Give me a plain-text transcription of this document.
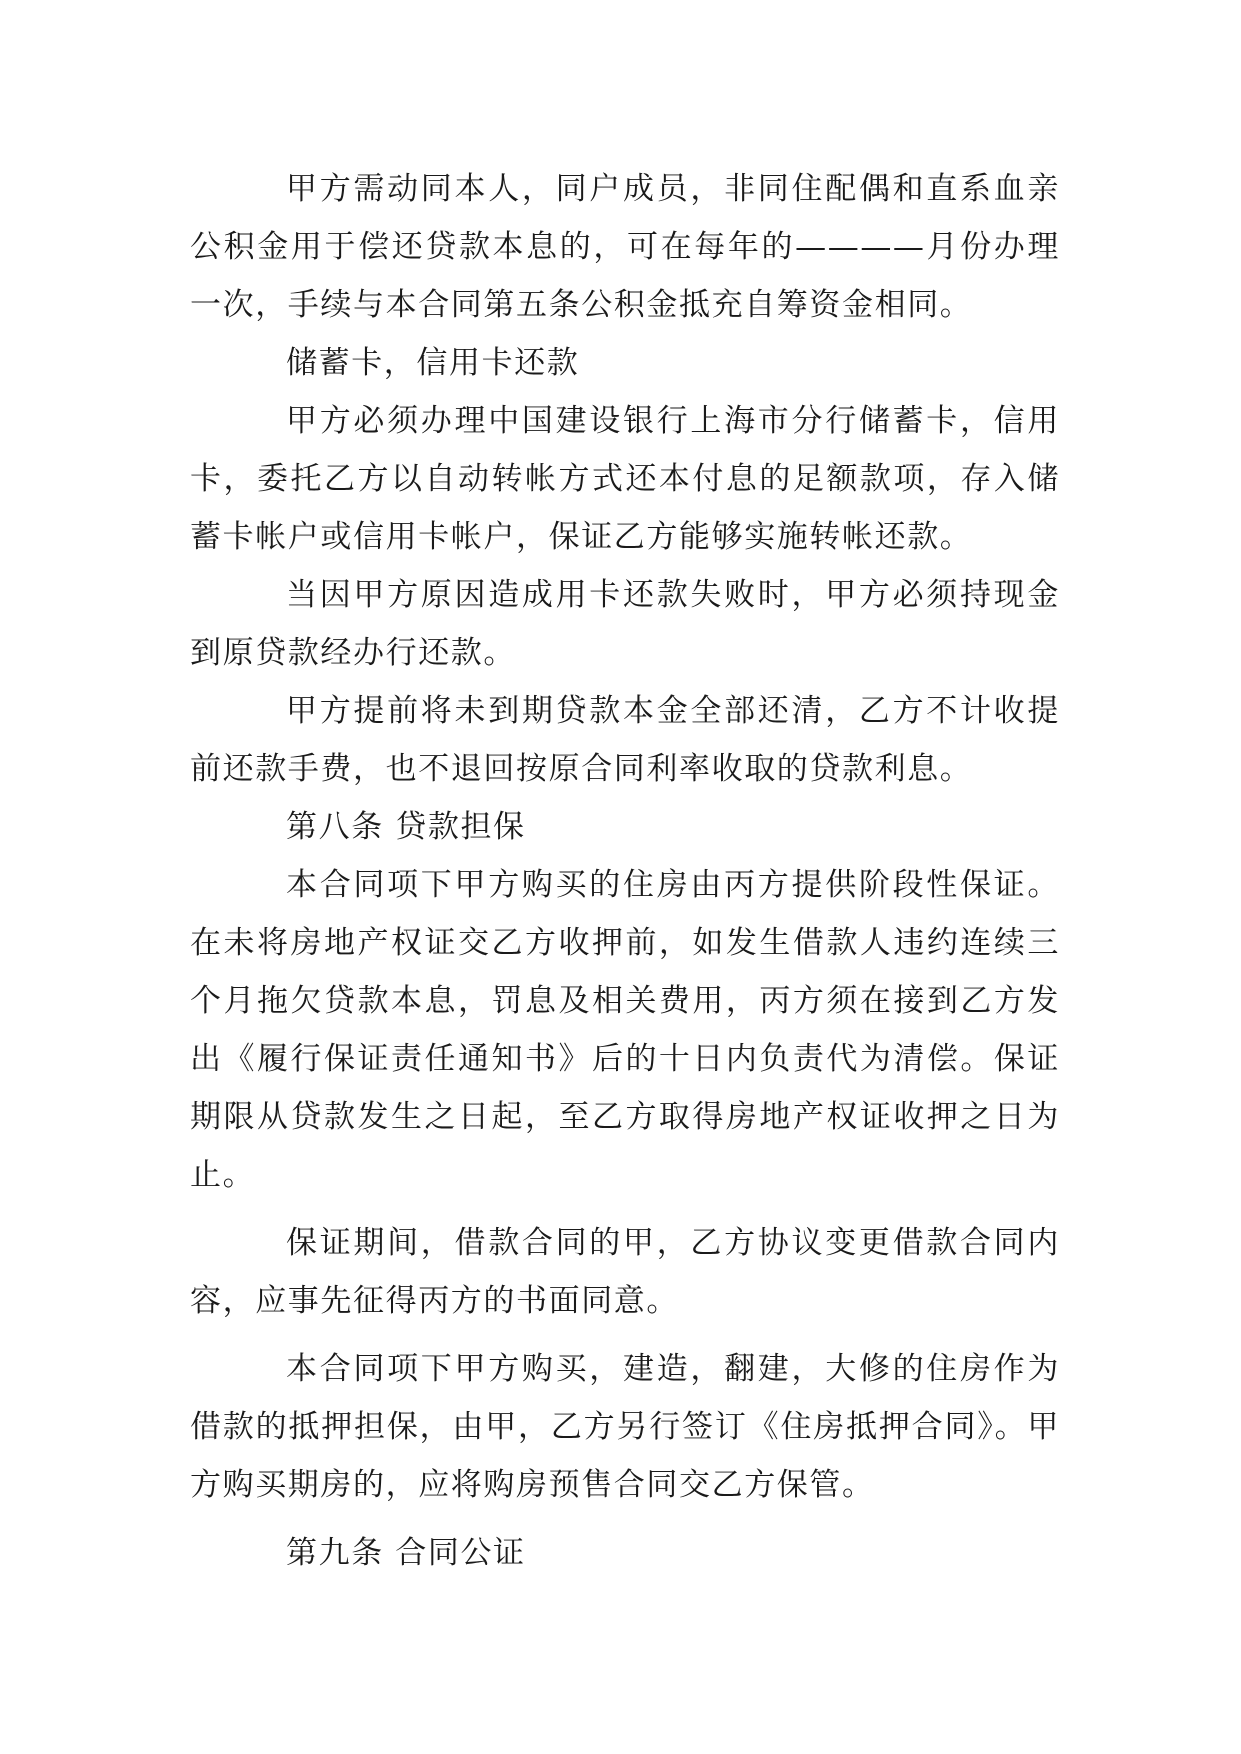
甲方需动同本人，同户成员，非同住配偶和直系血亲公积金用于偿还贷款本息的，可在每年的————月份办理一次，手续与本合同第五条公积金抵充自筹资金相同。

储蓄卡，信用卡还款

甲方必须办理中国建设银行上海市分行储蓄卡，信用卡，委托乙方以自动转帐方式还本付息的足额款项，存入储蓄卡帐户或信用卡帐户，保证乙方能够实施转帐还款。

当因甲方原因造成用卡还款失败时，甲方必须持现金到原贷款经办行还款。

甲方提前将未到期贷款本金全部还清，乙方不计收提前还款手费，也不退回按原合同利率收取的贷款利息。

第八条 贷款担保

本合同项下甲方购买的住房由丙方提供阶段性保证。在未将房地产权证交乙方收押前，如发生借款人违约连续三个月拖欠贷款本息，罚息及相关费用，丙方须在接到乙方发出《履行保证责任通知书》后的十日内负责代为清偿。保证期限从贷款发生之日起，至乙方取得房地产权证收押之日为止。

保证期间，借款合同的甲，乙方协议变更借款合同内容，应事先征得丙方的书面同意。

本合同项下甲方购买，建造，翻建，大修的住房作为借款的抵押担保，由甲，乙方另行签订《住房抵押合同》。甲方购买期房的，应将购房预售合同交乙方保管。

第九条 合同公证
